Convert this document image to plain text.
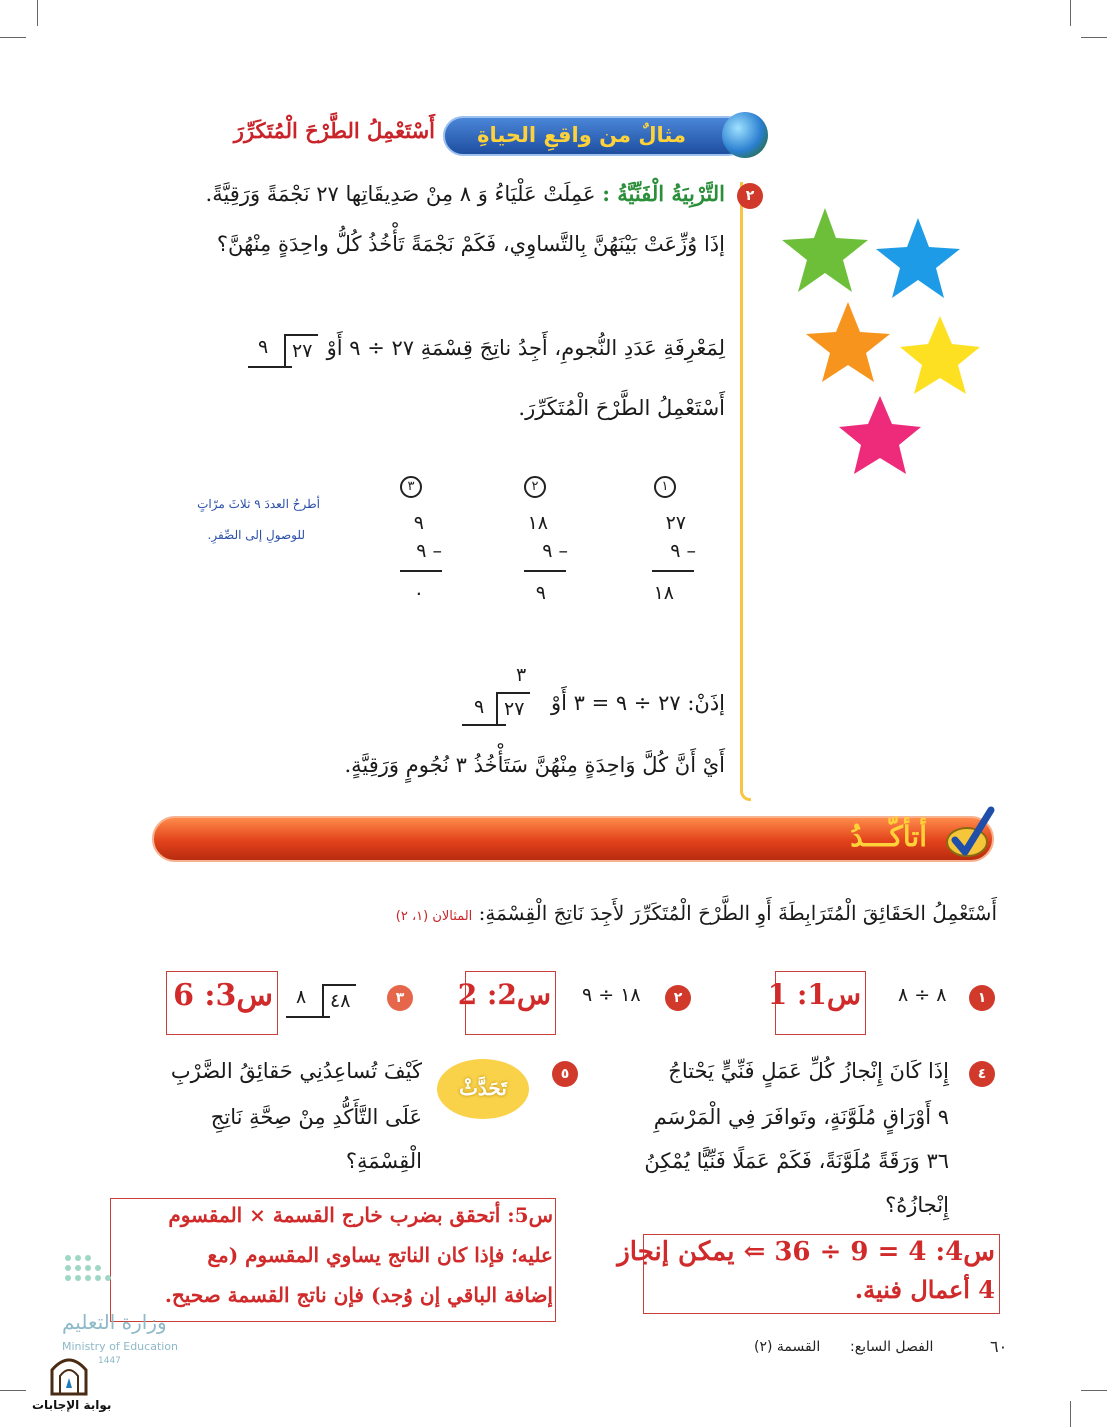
مثالٌ من واقعِ الحياةِ
أَسْتَعْمِلُ الطَّرْحَ الْمُتَكَرِّرَ
٢
التَّرْبِيَةُ الْفَنِّيَّةُ : عَمِلَتْ عَلْيَاءُ وَ ٨ مِنْ صَدِيقَاتِها ٢٧ نَجْمَةً وَرَقِيَّةً.
إذَا وُزِّعَتْ بَيْنَهُنَّ بِالتَّساوِي، فَكَمْ نَجْمَةً تَأْخُذُ كُلُّ واحِدَةٍ مِنْهُنَّ؟
لِمَعْرِفَةِ عَدَدِ النُّجومِ، أَجِدُ ناتِجَ قِسْمَةِ ٢٧ ÷ ٩ أَوْ
٩	٢٧
أَسْتَعْمِلُ الطَّرْحَ الْمُتَكَرِّرَ.
١
٢
٣
٢٧
– ٩
١٨
١٨
– ٩
٩
٩
– ٩
٠
أطرحُ العددَ ٩ ثلاثَ مرّاتٍ
للوصولِ إلى الصِّفرِ.
إذَنْ: ٢٧ ÷ ٩ = ٣ أَوْ
٣
٩	٢٧
أَيْ أَنَّ كُلَّ وَاحِدَةٍ مِنْهُنَّ سَتَأْخُذُ ٣ نُجُومٍ وَرَقِيَّةٍ.
أتأكّـــدُ
أَسْتَعْمِلُ الحَقَائِقَ الْمُتَرَابِطَةَ أَوِ الطَّرْحَ الْمُتَكَرِّرَ لأَجِدَ نَاتِجَ الْقِسْمَةِ: المثالان (١، ٢)
١
٨ ÷ ٨
س1: 1
٢
١٨ ÷ ٩
س2: 2
٣
٨	٤٨
س3: 6
٤
إِذَا كَانَ إِنْجازُ كُلِّ عَمَلٍ فَنِّيٍّ يَحْتاجُ
٩ أَوْرَاقٍ مُلَوَّنَةٍ، وتَوافَرَ فِي الْمَرْسَمِ
٣٦ وَرَقَةً مُلَوَّنَةً، فَكَمْ عَمَلًا فَنِّيًّا يُمْكِنُ
إِنْجازُهُ؟
س4: 4 = 9 ÷ 36 ⇐ يمكن إنجاز
4 أعمال فنية.
٥
تَحَدَّثْ
كَيْفَ تُساعِدُنِي حَقائِقُ الضَّرْبِ
عَلَى التَّأَكُّدِ مِنْ صِحَّةِ نَاتِجِ
الْقِسْمَةِ؟
س5: أتحقق بضرب خارج القسمة × المقسوم
عليه؛ فإذا كان الناتج يساوي المقسوم (مع
إضافة الباقي إن وُجد) فإن ناتج القسمة صحيح.
وزارة التعليم
Ministry of Education
1447
بوابة الإجابات
٦٠
الفصل السابع:
القسمة (٢)
